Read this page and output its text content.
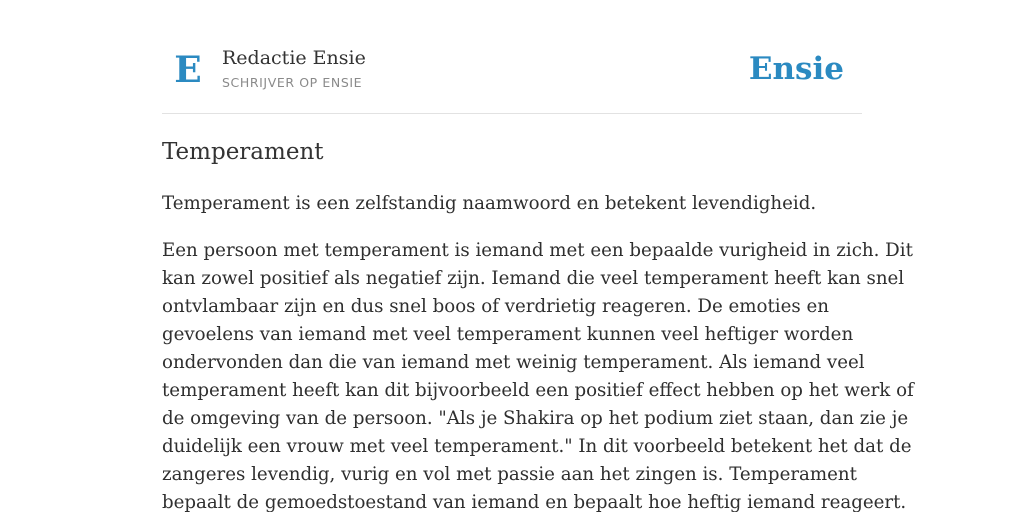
E Redactie Ensie
SCHRIJVER OP ENSIE	Ensie
Temperament

Temperament is een zelfstandig naamwoord en betekent levendigheid.

Een persoon met temperament is iemand met een bepaalde vurigheid in zich. Dit
kan zowel positief als negatief zijn. Iemand die veel temperament heeft kan snel
ontvlambaar zijn en dus snel boos of verdrietig reageren. De emoties en
gevoelens van iemand met veel temperament kunnen veel heftiger worden
ondervonden dan die van iemand met weinig temperament. Als iemand veel
temperament heeft kan dit bijvoorbeeld een positief effect hebben op het werk of
de omgeving van de persoon. "Als je Shakira op het podium ziet staan, dan zie je
duidelijk een vrouw met veel temperament." In dit voorbeeld betekent het dat de
zangeres levendig, vurig en vol met passie aan het zingen is. Temperament
bepaalt de gemoedstoestand van iemand en bepaalt hoe heftig iemand reageert.
